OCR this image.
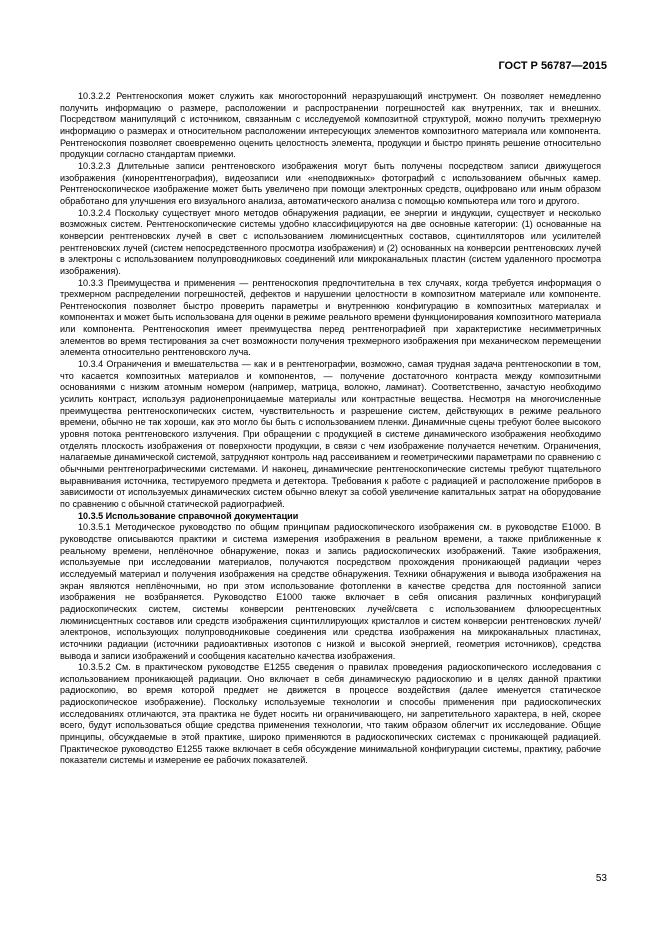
ГОСТ Р 56787—2015

10.3.2.2 Рентгеноскопия может служить как многосторонний неразрушающий инструмент. Он позволяет немедленно получить информацию о размере, расположении и распространении погрешностей как внутренних, так и внешних. Посредством манипуляций с источником, связанным с исследуемой композитной структурой, можно получить трехмерную информацию о размерах и относительном расположении интересующих элементов композитного материала или компонента. Рентгеноскопия позволяет своевременно оценить целостность элемента, продукции и быстро принять решение относительно продукции согласно стандартам приемки.

10.3.2.3 Длительные записи рентгеновского изображения могут быть получены посредством записи движущегося изображения (кинорентгенография), видеозаписи или «неподвижных» фотографий с использованием обычных камер. Рентгеноскопическое изображение может быть увеличено при помощи электронных средств, оцифровано или иным образом обработано для улучшения его визуального анализа, автоматического анализа с помощью компьютера или того и другого.

10.3.2.4 Поскольку существует много методов обнаружения радиации, ее энергии и индукции, существует и несколько возможных систем. Рентгеноскопические системы удобно классифицируются на две основные категории: (1) основанные на конверсии рентгеновских лучей в свет с использованием люминисцентных составов, сцинтилляторов или усилителей рентгеновских лучей (систем непосредственного просмотра изображения) и (2) основанных на конверсии рентгеновских лучей в электроны с использованием полупроводниковых соединений или микроканальных пластин (систем удаленного просмотра изображения).

10.3.3 Преимущества и применения — рентгеноскопия предпочтительна в тех случаях, когда требуется информация о трехмерном распределении погрешностей, дефектов и нарушении целостности в композитном материале или компоненте. Рентгеноскопия позволяет быстро проверить параметры и внутреннюю конфигурацию в композитных материалах и компонентах и может быть использована для оценки в режиме реального времени функционирования композитного материала или компонента. Рентгеноскопия имеет преимущества перед рентгенографией при характеристике несимметричных элементов во время тестирования за счет возможности получения трехмерного изображения при механическом перемещении элемента относительно рентгеновского луча.

10.3.4 Ограничения и вмешательства — как и в рентгенографии, возможно, самая трудная задача рентгеноскопии в том, что касается композитных материалов и компонентов, — получение достаточного контраста между композитными основаниями с низким атомным номером (например, матрица, волокно, ламинат). Соответственно, зачастую необходимо усилить контраст, используя радионепроницаемые материалы или контрастные вещества. Несмотря на многочисленные преимущества рентгеноскопических систем, чувствительность и разрешение систем, действующих в режиме реального времени, обычно не так хороши, как это могло бы быть с использованием пленки. Динамичные сцены требуют более высокого уровня потока рентгеновского излучения. При обращении с продукцией в системе динамического изображения необходимо отделять плоскость изображения от поверхности продукции, в связи с чем изображение получается нечетким. Ограничения, налагаемые динамической системой, затрудняют контроль над рассеиванием и геометрическими параметрами по сравнению с обычными рентгенографическими системами. И наконец, динамические рентгеноскопические системы требуют тщательного выравнивания источника, тестируемого предмета и детектора. Требования к работе с радиацией и расположение приборов в зависимости от используемых динамических систем обычно влекут за собой увеличение капитальных затрат на оборудование по сравнению с обычной статической радиографией.

10.3.5 Использование справочной документации

10.3.5.1 Методическое руководство по общим принципам радиоскопического изображения см. в руководстве E1000. В руководстве описываются практики и система измерения изображения в реальном времени, а также приближенные к реальному времени, неплёночное обнаружение, показ и запись радиоскопических изображений. Такие изображения, используемые при исследовании материалов, получаются посредством прохождения проникающей радиации через исследуемый материал и получения изображения на средстве обнаружения. Техники обнаружения и вывода изображения на экран являются неплёночными, но при этом использование фотопленки в качестве средства для постоянной записи изображения не возбраняется. Руководство E1000 также включает в себя описания различных конфигураций радиоскопических систем, системы конверсии рентгеновских лучей/света с использованием флюоресцентных люминисцентных составов или средств изображения сцинтиллирующих кристаллов и систем конверсии рентгеновских лучей/электронов, использующих полупроводниковые соединения или средства изображения на микроканальных пластинах, источники радиации (источники радиоактивных изотопов с низкой и высокой энергией, геометрия источников), средства вывода и записи изображений и сообщения касательно качества изображения.

10.3.5.2 См. в практическом руководстве E1255 сведения о правилах проведения радиоскопического исследования с использованием проникающей радиации. Оно включает в себя динамическую радиоскопию и в целях данной практики радиоскопию, во время которой предмет не движется в процессе воздействия (далее именуется статическое радиоскопическое изображение). Поскольку используемые технологии и способы применения при радиоскопических исследованиях отличаются, эта практика не будет носить ни ограничивающего, ни запретительного характера, в ней, скорее всего, будут использоваться общие средства применения технологии, что таким образом облегчит их исследование. Общие принципы, обсуждаемые в этой практике, широко применяются в радиоскопических системах с проникающей радиацией. Практическое руководство E1255 также включает в себя обсуждение минимальной конфигурации системы, практику, рабочие показатели системы и измерение ее рабочих показателей.

53
